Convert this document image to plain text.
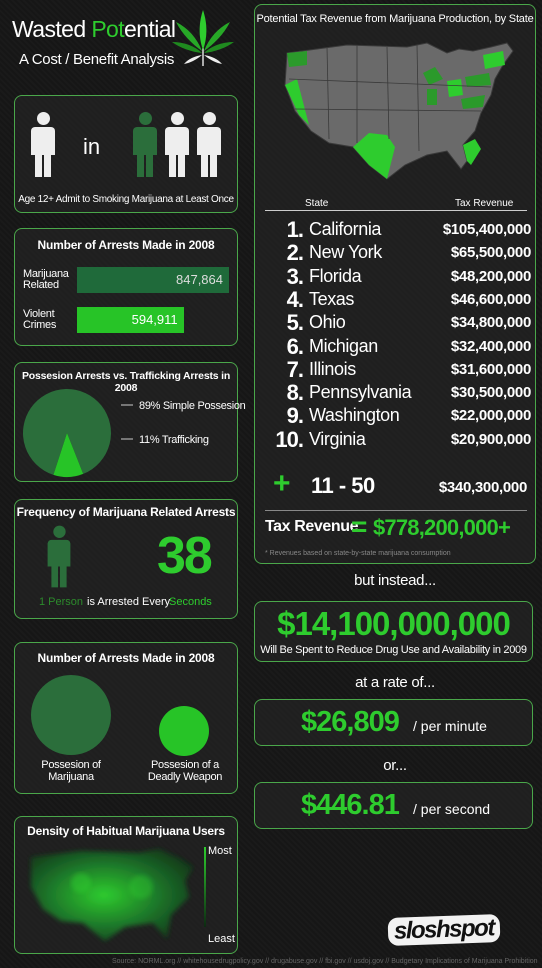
Wasted Potential
A Cost / Benefit Analysis
in
Age 12+ Admit to Smoking Marijuana at Least Once
Number of Arrests Made in 2008
Marijuana Related	847,864
Violent Crimes	594,911
Possesion Arrests vs. Trafficking Arrests in 2008
89% Simple Possesion
11% Trafficking
Frequency of Marijuana Related Arrests
38
1 Person is Arrested Every
Seconds
Number of Arrests Made in 2008
Possesion of Marijuana
Possesion of a Deadly Weapon
Density of Habitual Marijuana Users
Most
Least
Potential Tax Revenue from Marijuana Production, by State
State	Tax Revenue
1. California	$105,400,000
2. New York	$65,500,000
3. Florida	$48,200,000
4. Texas	$46,600,000
5. Ohio	$34,800,000
6. Michigan	$32,400,000
7. Illinois	$31,600,000
8. Pennsylvania	$30,500,000
9. Washington	$22,000,000
10. Virginia	$20,900,000
+ 11 - 50	$340,300,000
Tax Revenue
= $778,200,000+
* Revenues based on state-by-state marijuana consumption
but instead...
$14,100,000,000
Will Be Spent to Reduce Drug Use and Availability in 2009
at a rate of...
$26,809 / per minute
or...
$446.81 / per second
sloshspot
Source: NORML.org // whitehousedrugpolicy.gov // drugabuse.gov // fbi.gov // usdoj.gov // Budgetary Implications of Marijuana Prohibition
